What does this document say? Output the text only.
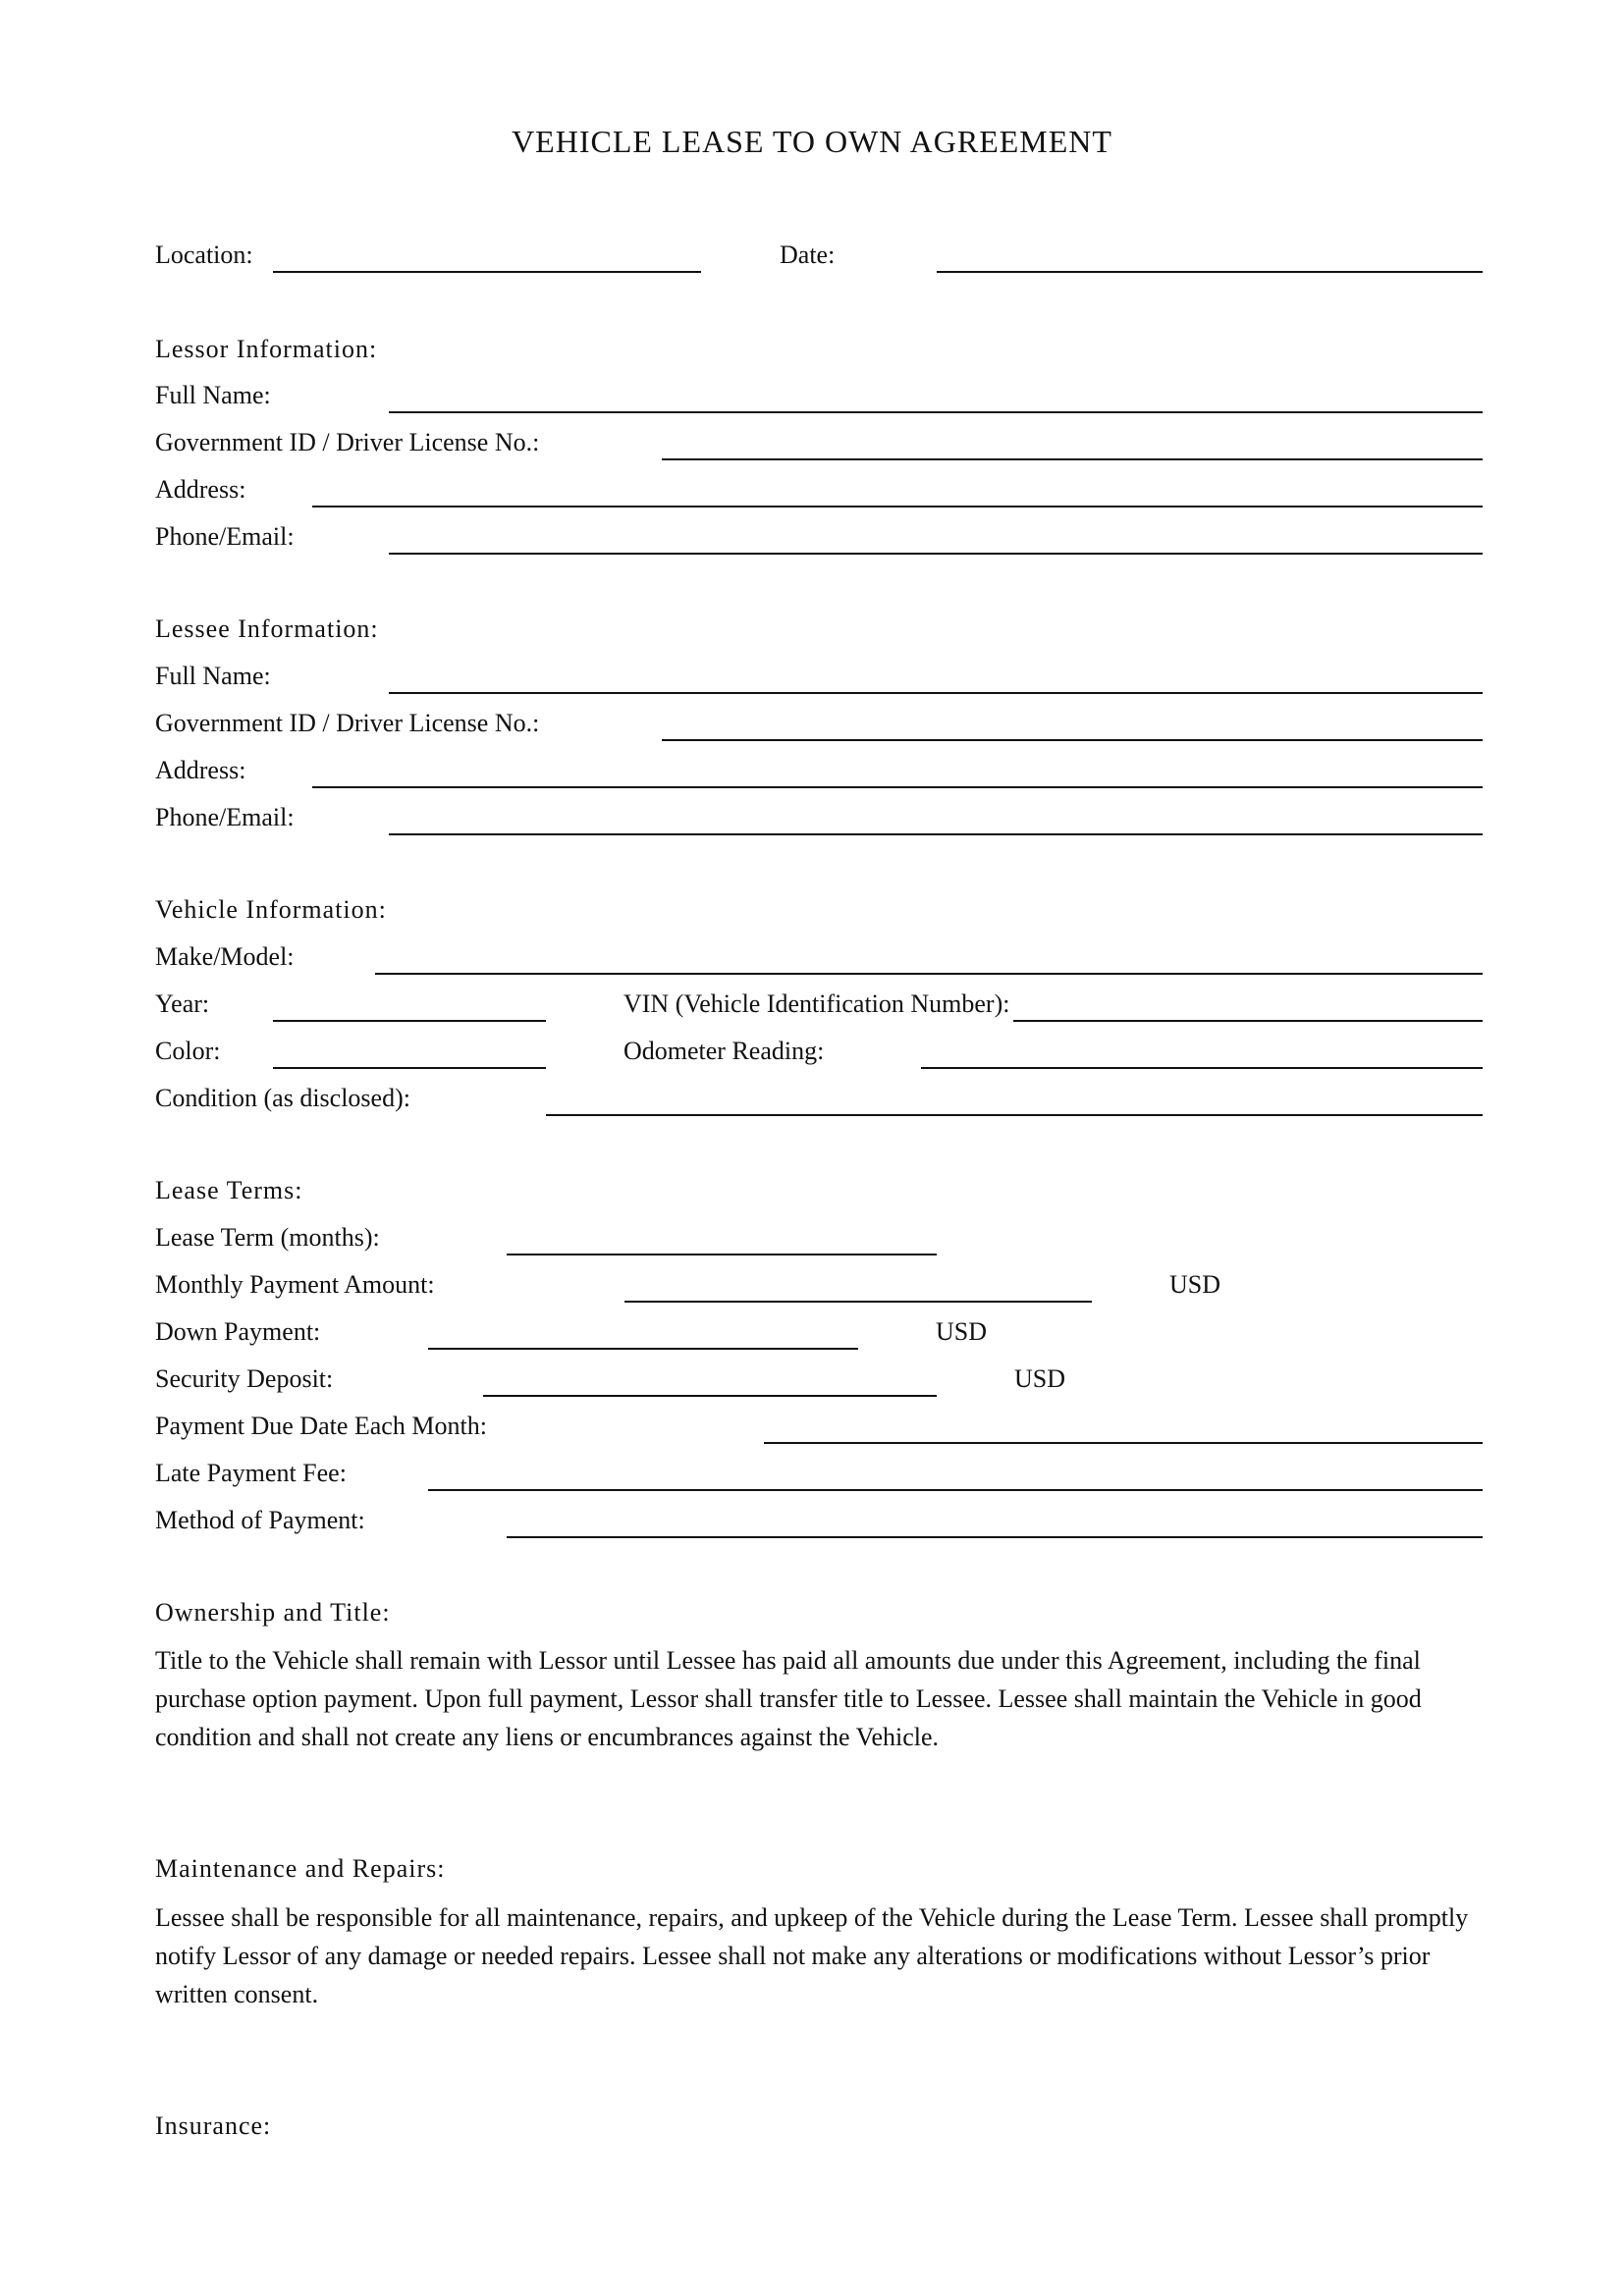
VEHICLE LEASE TO OWN AGREEMENT
Location:	Date:
Lessor Information:
Full Name:
Government ID / Driver License No.:
Address:
Phone/Email:
Lessee Information:
Full Name:
Government ID / Driver License No.:
Address:
Phone/Email:
Vehicle Information:
Make/Model:
Year:	VIN (Vehicle Identification Number):
Color:	Odometer Reading:
Condition (as disclosed):
Lease Terms:
Lease Term (months):
Monthly Payment Amount:	USD
Down Payment:	USD
Security Deposit:	USD
Payment Due Date Each Month:
Late Payment Fee:
Method of Payment:
Ownership and Title:
Title to the Vehicle shall remain with Lessor until Lessee has paid all amounts due under this Agreement, including the final purchase option payment. Upon full payment, Lessor shall transfer title to Lessee. Lessee shall maintain the Vehicle in good condition and shall not create any liens or encumbrances against the Vehicle.
Maintenance and Repairs:
Lessee shall be responsible for all maintenance, repairs, and upkeep of the Vehicle during the Lease Term. Lessee shall promptly notify Lessor of any damage or needed repairs. Lessee shall not make any alterations or modifications without Lessor’s prior written consent.
Insurance:
